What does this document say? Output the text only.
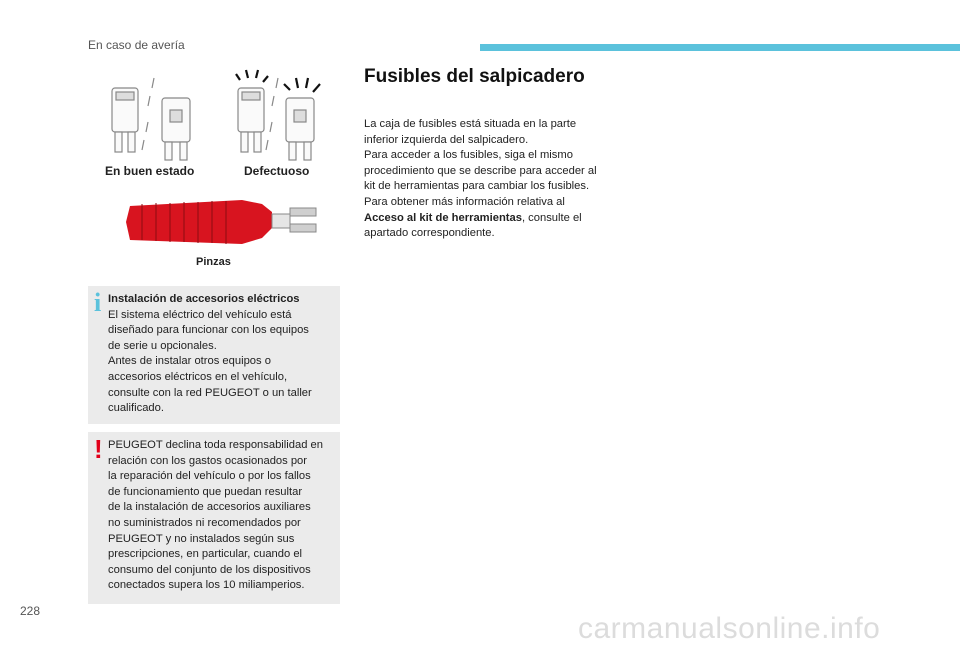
En caso de avería
En buen estado	Defectuoso
Pinzas
i Instalación de accesorios eléctricos

El sistema eléctrico del vehículo está

diseñado para funcionar con los equipos

de serie u opcionales.

Antes de instalar otros equipos o

accesorios eléctricos en el vehículo,

consulte con la red PEUGEOT o un taller

cualificado.

! PEUGEOT declina toda responsabilidad en

relación con los gastos ocasionados por

la reparación del vehículo o por los fallos

de funcionamiento que puedan resultar

de la instalación de accesorios auxiliares

no suministrados ni recomendados por

PEUGEOT y no instalados según sus

prescripciones, en particular, cuando el

consumo del conjunto de los dispositivos

conectados supera los 10 miliamperios.

Fusibles del salpicadero

La caja de fusibles está situada en la parte

inferior izquierda del salpicadero.

Para acceder a los fusibles, siga el mismo

procedimiento que se describe para acceder al

kit de herramientas para cambiar los fusibles.

Para obtener más información relativa al

Acceso al kit de herramientas, consulte el

apartado correspondiente.

228
carmanualsonline.info
